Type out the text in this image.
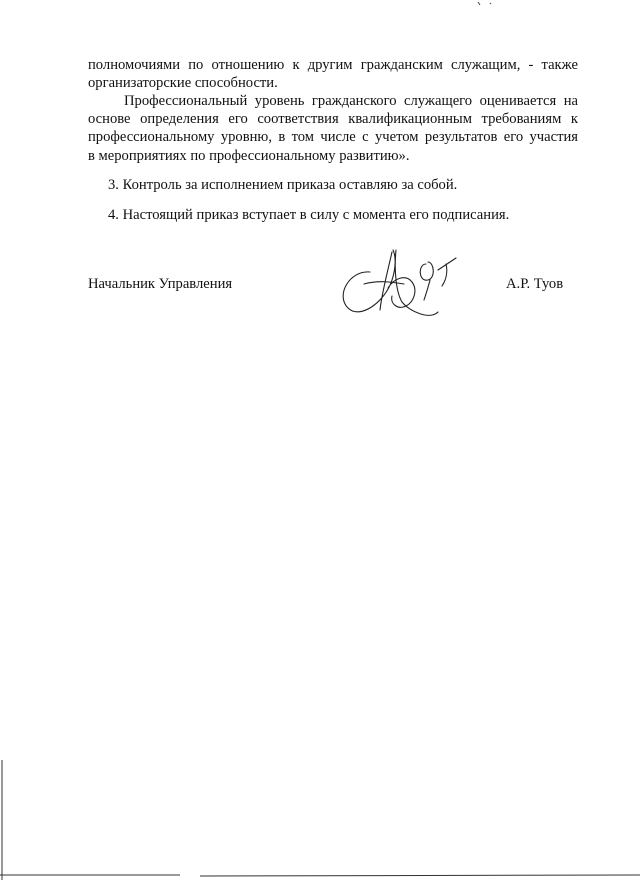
полномочиями по отношению к другим гражданским служащим, - также
организаторские способности.
Профессиональный уровень гражданского служащего оценивается на
основе определения его соответствия квалификационным требованиям к
профессиональному уровню, в том числе с учетом результатов его участия
в мероприятиях по профессиональному развитию».
3. Контроль за исполнением приказа оставляю за собой.
4. Настоящий приказ вступает в силу с момента его подписания.
Начальник Управления	А.Р. Туов
